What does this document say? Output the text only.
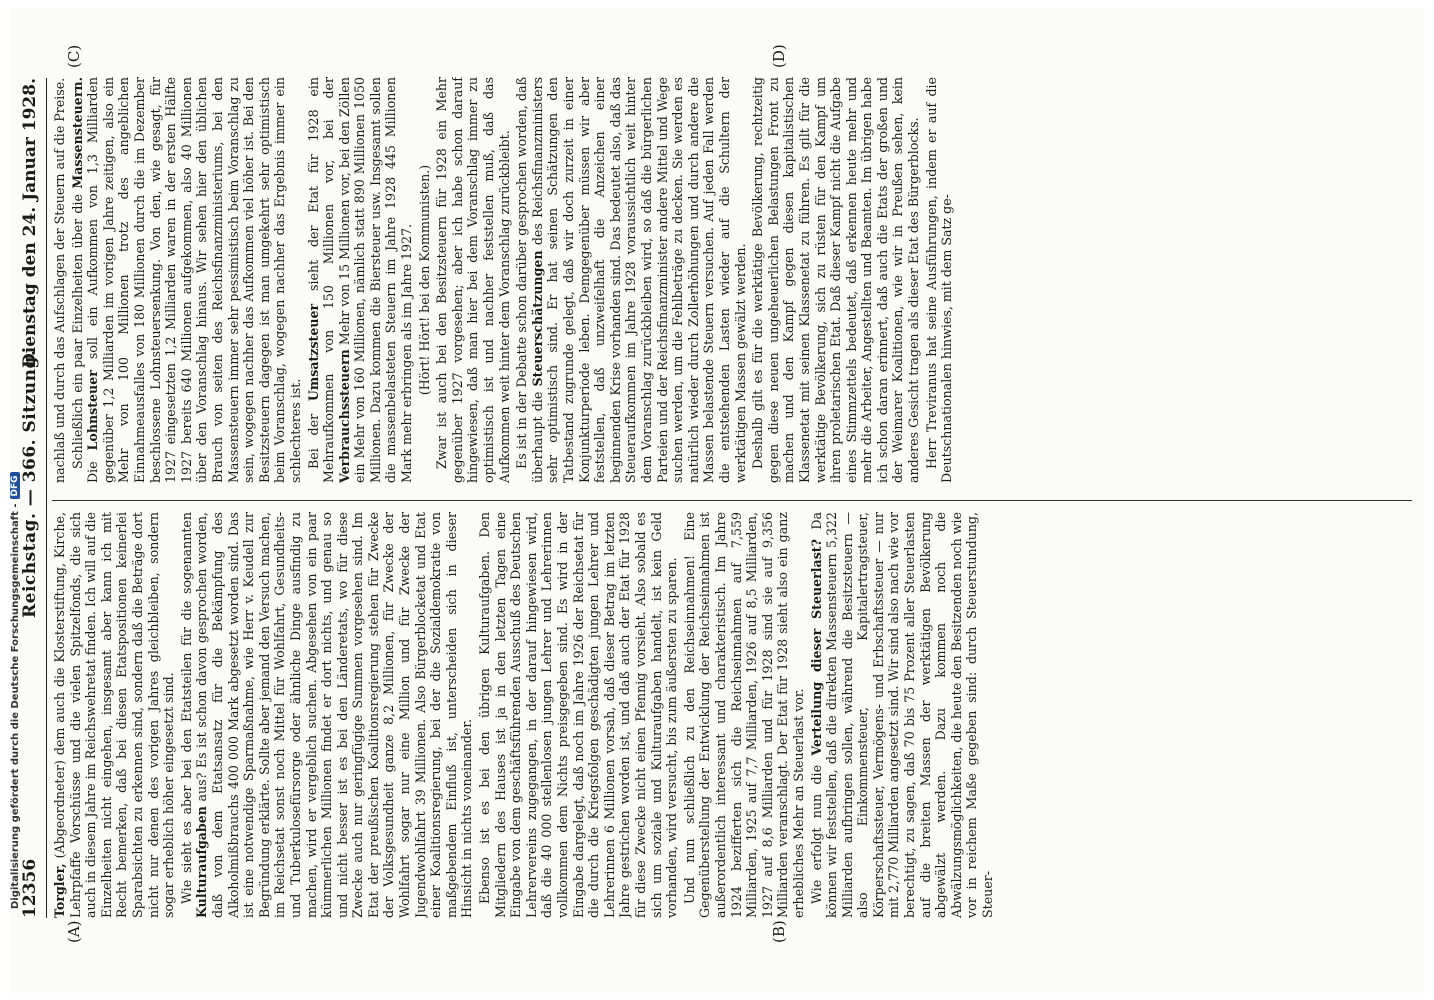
12356
Reichstag. — 366. Sitzung.
Dienstag den 24. Januar 1928.
(A)	(B)
(C)	(D)

Torgler, (Abgeordneter) dem auch die Klosterstiftung, Kirche, Lehrpfaffe Vorschüsse und die vielen Spitzelfonds, die sich auch in diesem Jahre im Reichswehretat finden. Ich will auf die Einzelheiten nicht eingehen, insgesamt aber kann ich mit Recht bemerken, daß bei diesen Etatspositionen keinerlei Sparabsichten zu erkennen sind, sondern daß die Beträge dort nicht nur denen des vorigen Jahres gleichbleiben, sondern sogar erheblich höher eingesetzt sind. Wie sieht es aber bei den Etatsteilen für die sogenannten Kulturaufgaben aus? Es ist schon davon gesprochen worden, daß von dem Etatsansatz für die Bekämpfung des Alkoholmißbrauchs 400 000 Mark abgesetzt worden sind. Das ist eine notwendige Sparmaßnahme, wie Herr v. Keudell zur Begründung erklärte. Sollte aber jemand den Versuch machen, im Reichsetat sonst noch Mittel für Wohlfahrt, Gesundheits- und Tuberkulosefürsorge oder ähnliche Dinge ausfindig zu machen, wird er vergeblich suchen. Abgesehen von ein paar kümmerlichen Millionen findet er dort nichts, und genau so und nicht besser ist es bei den Länderetats, wo für diese Zwecke auch nur geringfügige Summen vorgesehen sind. Im Etat der preußischen Koalitionsregierung stehen für Zwecke der Volksgesundheit ganze 8,2 Millionen, für Zwecke der Wohlfahrt sogar nur eine Million und für Zwecke der Jugendwohlfahrt 39 Millionen. Also Bürgerblocketat und Etat einer Koalitionsregierung, bei der die Sozialdemokratie von maßgebendem Einfluß ist, unterscheiden sich in dieser Hinsicht in nichts voneinander. Ebenso ist es bei den übrigen Kulturaufgaben. Den Mitgliedern des Hauses ist ja in den letzten Tagen eine Eingabe von dem geschäftsführenden Ausschuß des Deutschen Lehrervereins zugegangen, in der darauf hingewiesen wird, daß die 40 000 stellenlosen jungen Lehrer und Lehrerinnen vollkommen dem Nichts preisgegeben sind. Es wird in der Eingabe dargelegt, daß noch im Jahre 1926 der Reichsetat für die durch die Kriegsfolgen geschädigten jungen Lehrer und Lehrerinnen 6 Millionen vorsah, daß dieser Betrag im letzten Jahre gestrichen worden ist, und daß auch der Etat für 1928 für diese Zwecke nicht einen Pfennig vorsieht. Also sobald es sich um soziale und Kulturaufgaben handelt, ist kein Geld vorhanden, wird versucht, bis zum äußersten zu sparen. Und nun schließlich zu den Reichseinnahmen! Eine Gegenüberstellung der Entwicklung der Reichseinnahmen ist außerordentlich interessant und charakteristisch. Im Jahre 1924 bezifferten sich die Reichseinnahmen auf 7,559 Milliarden, 1925 auf 7,7 Milliarden, 1926 auf 8,5 Milliarden, 1927 auf 8,6 Milliarden und für 1928 sind sie auf 9,356 Milliarden veranschlagt. Der Etat für 1928 sieht also ein ganz erhebliches Mehr an Steuerlast vor. Wie erfolgt nun die Verteilung dieser Steuerlast? Da können wir feststellen, daß die direkten Massensteuern 5,322 Milliarden aufbringen sollen, während die Besitzsteuern — also Einkommensteuer, Kapitalertragsteuer, Körperschaftssteuer, Vermögens- und Erbschaftssteuer — nur mit 2,770 Milliarden angesetzt sind. Wir sind also nach wie vor berechtigt, zu sagen, daß 70 bis 75 Prozent aller Steuerlasten auf die breiten Massen der werktätigen Bevölkerung abgewälzt werden. Dazu kommen noch die Abwälzungsmöglichkeiten, die heute den Besitzenden noch wie vor in reichem Maße gegeben sind: durch Steuerstundung, Steuer-

nachlaß und durch das Aufschlagen der Steuern auf die Preise. Schließlich ein paar Einzelheiten über die Massensteuern. Die Lohnsteuer soll ein Aufkommen von 1,3 Milliarden gegenüber 1,2 Milliarden im vorigen Jahre zeitigen, also ein Mehr von 100 Millionen trotz des angeblichen Einnahmeausfalles von 180 Millionen durch die im Dezember beschlossene Lohnsteuersenkung. Von den, wie gesagt, für 1927 eingesetzten 1,2 Milliarden waren in der ersten Hälfte 1927 bereits 640 Millionen aufgekommen, also 40 Millionen über den Voranschlag hinaus. Wir sehen hier den üblichen Brauch von seiten des Reichsfinanzministeriums, bei den Massensteuern immer sehr pessimistisch beim Voranschlag zu sein, wogegen nachher das Aufkommen viel höher ist. Bei den Besitzsteuern dagegen ist man umgekehrt sehr optimistisch beim Voranschlag, wogegen nachher das Ergebnis immer ein schlechteres ist. Bei der Umsatzsteuer sieht der Etat für 1928 ein Mehraufkommen von 150 Millionen vor, bei der Verbrauchssteuern Mehr von 15 Millionen vor, bei den Zöllen ein Mehr von 160 Millionen, nämlich statt 890 Millionen 1050 Millionen. Dazu kommen die Biersteuer usw. Insgesamt sollen die massenbelasteten Steuern im Jahre 1928 445 Millionen Mark mehr erbringen als im Jahre 1927. (Hört! Hört! bei den Kommunisten.) Zwar ist auch bei den Besitzsteuern für 1928 ein Mehr gegenüber 1927 vorgesehen; aber ich habe schon darauf hingewiesen, daß man hier bei dem Voranschlag immer zu optimistisch ist und nachher feststellen muß, daß das Aufkommen weit hinter dem Voranschlag zurückbleibt. Es ist in der Debatte schon darüber gesprochen worden, daß überhaupt die Steuerschätzungen des Reichsfinanzministers sehr optimistisch sind. Er hat seinen Schätzungen den Tatbestand zugrunde gelegt, daß wir doch zurzeit in einer Konjunkturperiode leben. Demgegenüber müssen wir aber feststellen, daß unzweifelhaft die Anzeichen einer beginnenden Krise vorhanden sind. Das bedeutet also, daß das Steueraufkommen im Jahre 1928 voraussichtlich weit hinter dem Voranschlag zurückbleiben wird, so daß die bürgerlichen Parteien und der Reichsfinanzminister andere Mittel und Wege suchen werden, um die Fehlbeträge zu decken. Sie werden es natürlich wieder durch Zollerhöhungen und durch andere die Massen belastende Steuern versuchen. Auf jeden Fall werden die entstehenden Lasten wieder auf die Schultern der werktätigen Massen gewälzt werden. Deshalb gilt es für die werktätige Bevölkerung, rechtzeitig gegen diese neuen ungeheuerlichen Belastungen Front zu machen und den Kampf gegen diesen kapitalistischen Klassenetat mit seinen Klassenetat zu führen. Es gilt für die werktätige Bevölkerung, sich zu rüsten für den Kampf um ihren proletarischen Etat. Daß dieser Kampf nicht die Aufgabe eines Stimmzettels bedeutet, daß erkennen heute mehr und mehr die Arbeiter, Angestellten und Beamten. Im übrigen habe ich schon daran erinnert, daß auch die Etats der großen und der Weimarer Koalitionen, wie wir in Preußen sehen, kein anderes Gesicht tragen als dieser Etat des Bürgerblocks. Herr Treviranus hat seine Ausführungen, indem er auf die Deutschnationalen hinwies, mit dem Satz ge-

Digitalisierung gefördert durch die Deutsche Forschungsgemeinschaft -
DFG
